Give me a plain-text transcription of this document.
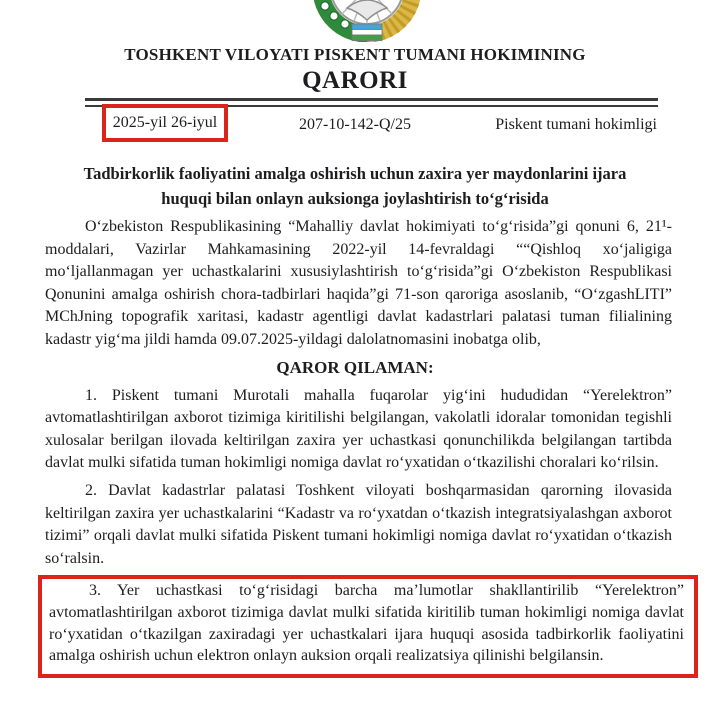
TOSHKENT VILOYATI PISKENT TUMANI HOKIMINING
QARORI
2025-yil 26-iyul	207-10-142-Q/25	Piskent tumani hokimligi
Tadbirkorlik faoliyatini amalga oshirish uchun zaxira yer maydonlarini ijara huquqi bilan onlayn auksionga joylashtirish to‘g‘risida
O‘zbekiston Respublikasining “Mahalliy davlat hokimiyati to‘g‘risida”gi qonuni 6, 21¹-moddalari, Vazirlar Mahkamasining 2022-yil 14-fevraldagi ““Qishloq xo‘jaligiga mo‘ljallanmagan yer uchastkalarini xususiylashtirish to‘g‘risida”gi O‘zbekiston Respublikasi Qonunini amalga oshirish chora-tadbirlari haqida”gi 71-son qaroriga asoslanib, “O‘zgashLITI” MChJning topografik xaritasi, kadastr agentligi davlat kadastrlari palatasi tuman filialining kadastr yig‘ma jildi hamda 09.07.2025-yildagi dalolatnomasini inobatga olib,
QAROR QILAMAN:
1. Piskent tumani Murotali mahalla fuqarolar yig‘ini hududidan “Yerelektron” avtomatlashtirilgan axborot tizimiga kiritilishi belgilangan, vakolatli idoralar tomonidan tegishli xulosalar berilgan ilovada keltirilgan zaxira yer uchastkasi qonunchilikda belgilangan tartibda davlat mulki sifatida tuman hokimligi nomiga davlat ro‘yxatidan o‘tkazilishi choralari ko‘rilsin.
2. Davlat kadastrlar palatasi Toshkent viloyati boshqarmasidan qarorning ilovasida keltirilgan zaxira yer uchastkalarini “Kadastr va ro‘yxatdan o‘tkazish integratsiyalashgan axborot tizimi” orqali davlat mulki sifatida Piskent tumani hokimligi nomiga davlat ro‘yxatidan o‘tkazish so‘ralsin.
3. Yer uchastkasi to‘g‘risidagi barcha ma’lumotlar shakllantirilib “Yerelektron” avtomatlashtirilgan axborot tizimiga davlat mulki sifatida kiritilib tuman hokimligi nomiga davlat ro‘yxatidan o‘tkazilgan zaxiradagi yer uchastkalari ijara huquqi asosida tadbirkorlik faoliyatini amalga oshirish uchun elektron onlayn auksion orqali realizatsiya qilinishi belgilansin.
